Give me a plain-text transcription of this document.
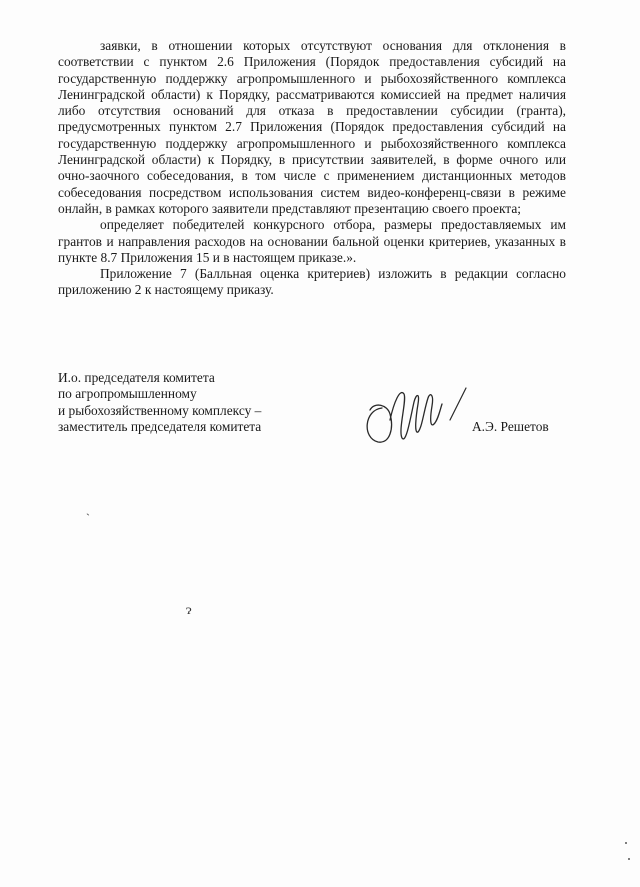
заявки, в отношении которых отсутствуют основания для отклонения в соответствии с пунктом 2.6 Приложения (Порядок предоставления субсидий на государственную поддержку агропромышленного и рыбохозяйственного комплекса Ленинградской области) к Порядку, рассматриваются комиссией на предмет наличия либо отсутствия оснований для отказа в предоставлении субсидии (гранта), предусмотренных пунктом 2.7 Приложения (Порядок предоставления субсидий на государственную поддержку агропромышленного и рыбохозяйственного комплекса Ленинградской области) к Порядку, в присутствии заявителей, в форме очного или очно-заочного собеседования, в том числе с применением дистанционных методов собеседования посредством использования систем видео-конференц-связи в режиме онлайн, в рамках которого заявители представляют презентацию своего проекта;

определяет победителей конкурсного отбора, размеры предоставляемых им грантов и направления расходов на основании бальной оценки критериев, указанных в пункте 8.7 Приложения 15 и в настоящем приказе.».

Приложение 7 (Балльная оценка критериев) изложить в редакции согласно приложению 2 к настоящему приказу.

И.о. председателя комитета
по агропромышленному
и рыбохозяйственному комплексу –
заместитель председателя комитета	А.Э. Решетов
`
ɂ
